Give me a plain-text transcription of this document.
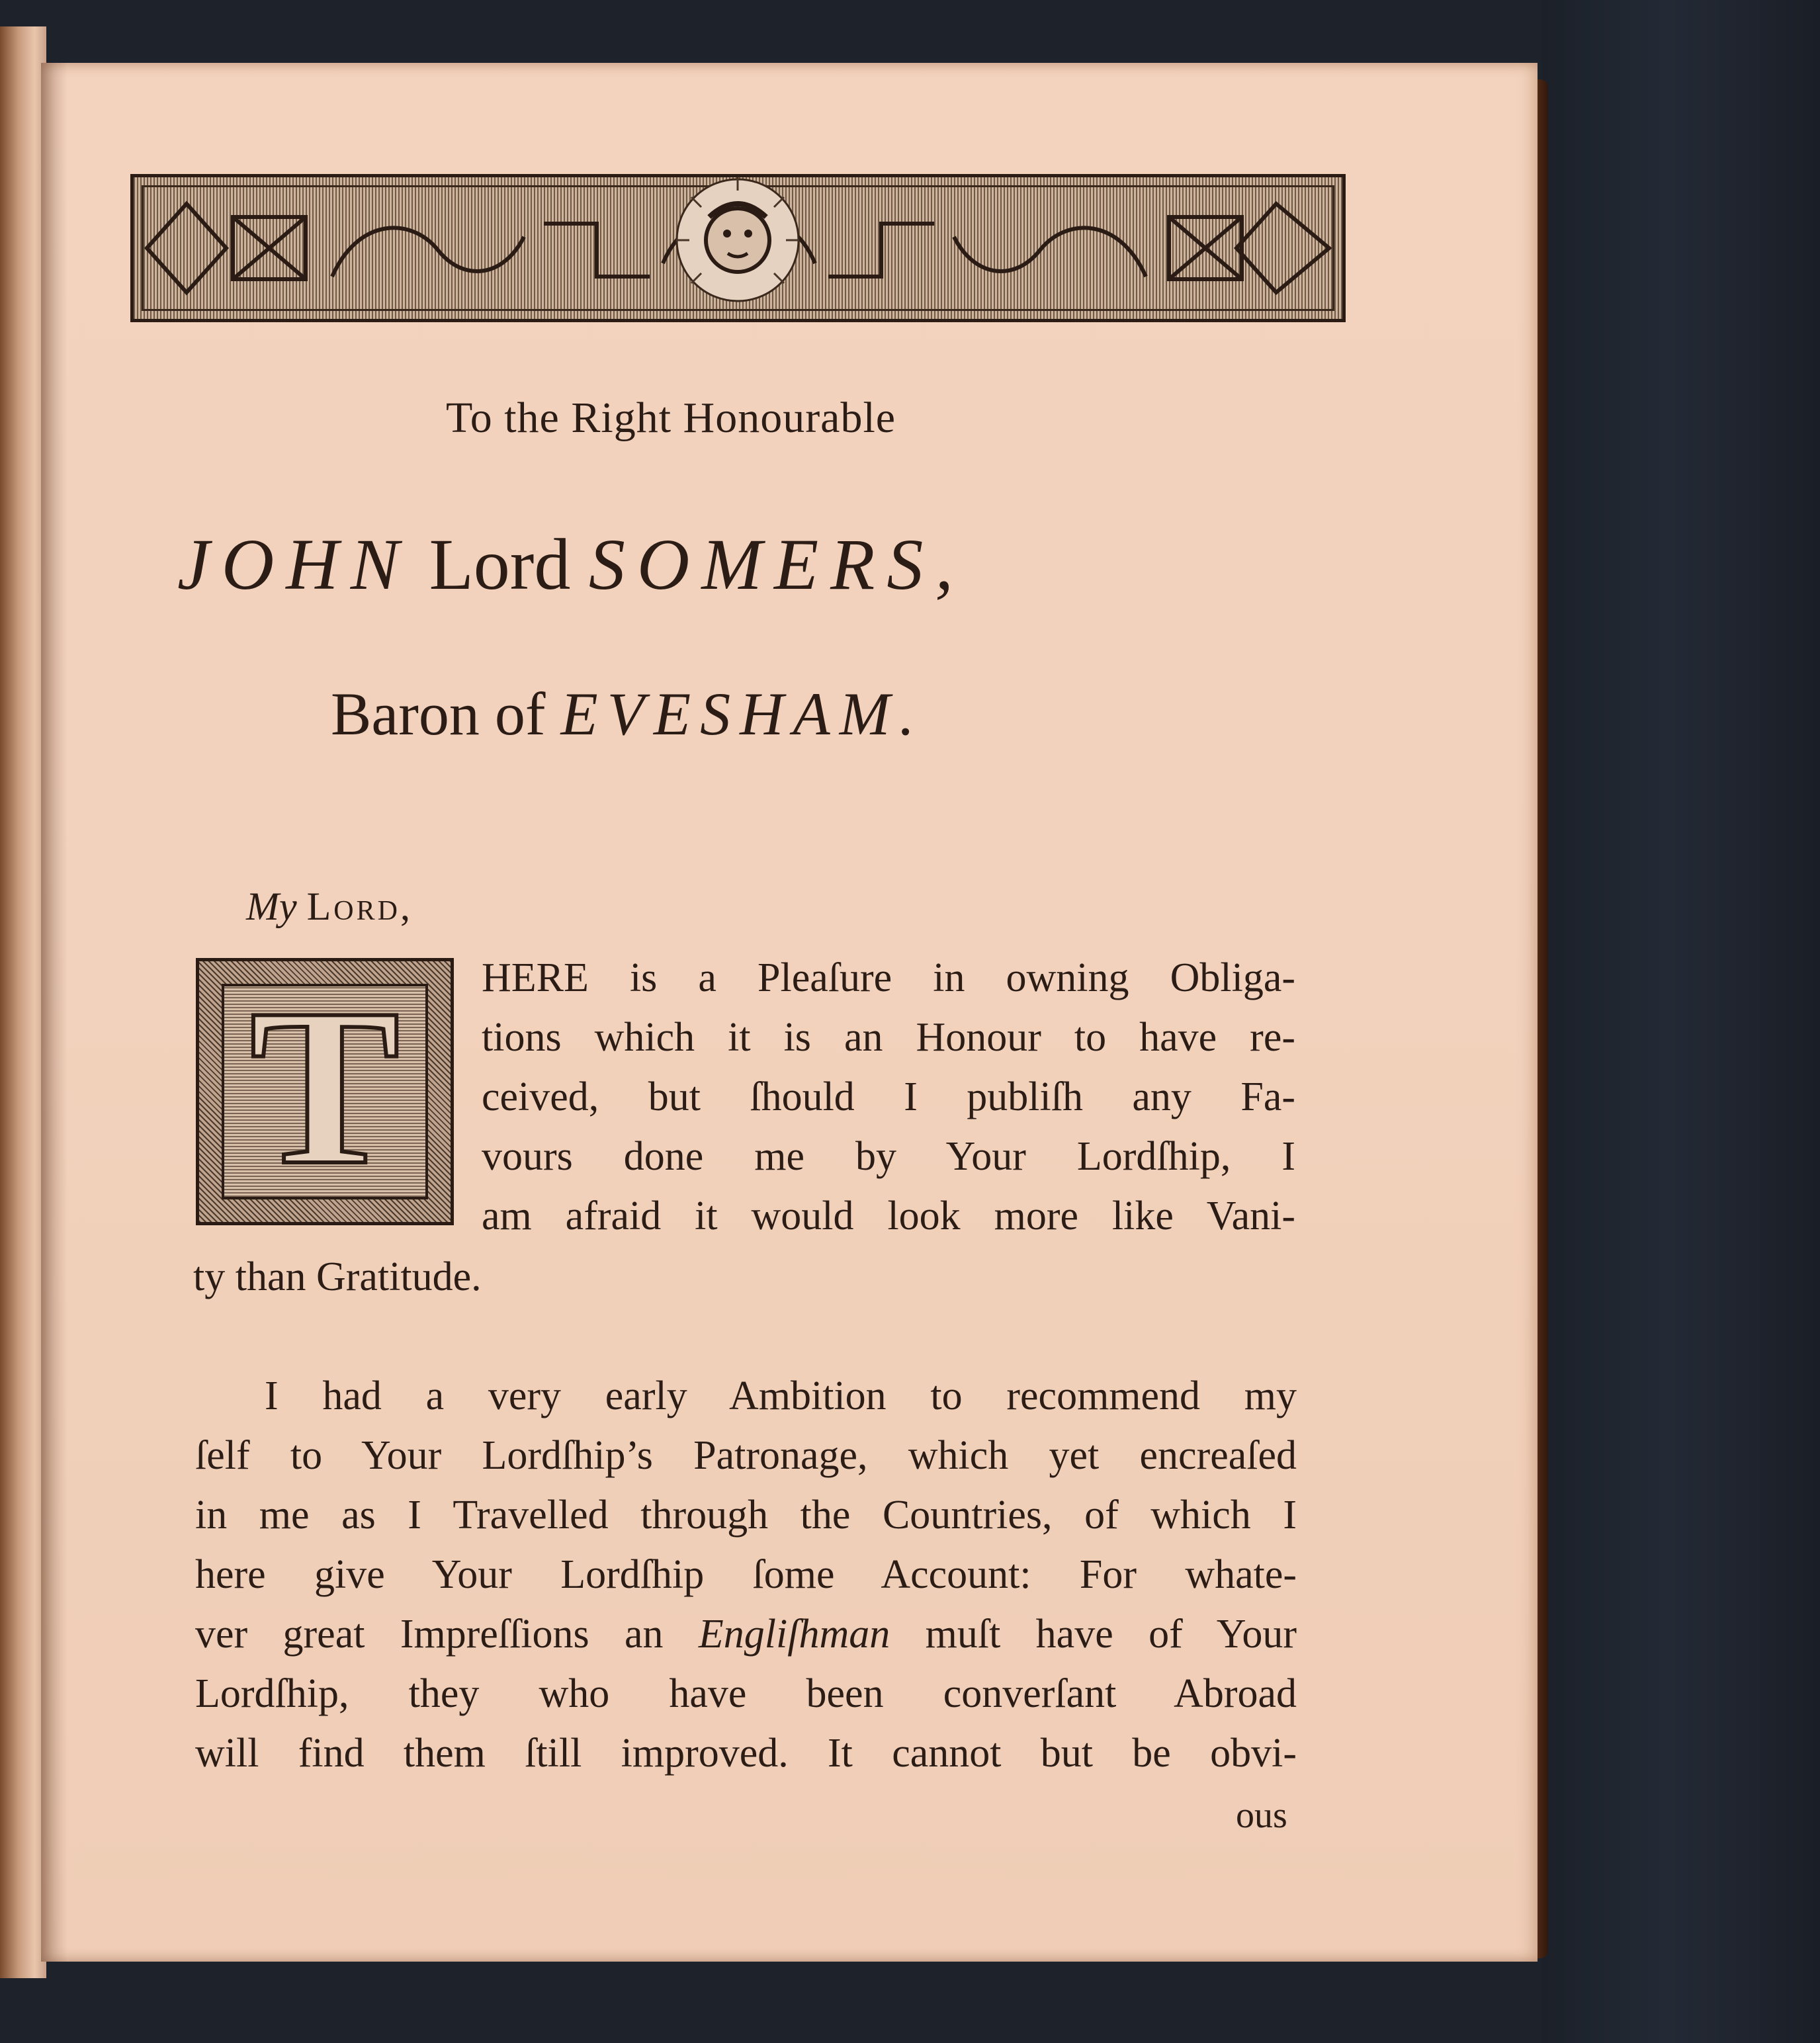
To the Right Honourable
JOHN Lord SOMERS,
Baron of EVESHAM.
My Lord,
T	HERE is a Pleaſure in owning Obliga-
tions which it is an Honour to have re-
ceived, but ſhould I publiſh any Fa-
vours done me by Your Lordſhip, I
am afraid it would look more like Vani-
ty than Gratitude.
I had a very early Ambition to recommend my
ſelf to Your Lordſhip’s Patronage, which yet encreaſed
in me as I Travelled through the Countries, of which I
here give Your Lordſhip ſome Account: For whate-
ver great Impreſſions an Engliſhman muſt have of Your
Lordſhip, they who have been converſant Abroad
will find them ſtill improved. It cannot but be obvi-
ous
